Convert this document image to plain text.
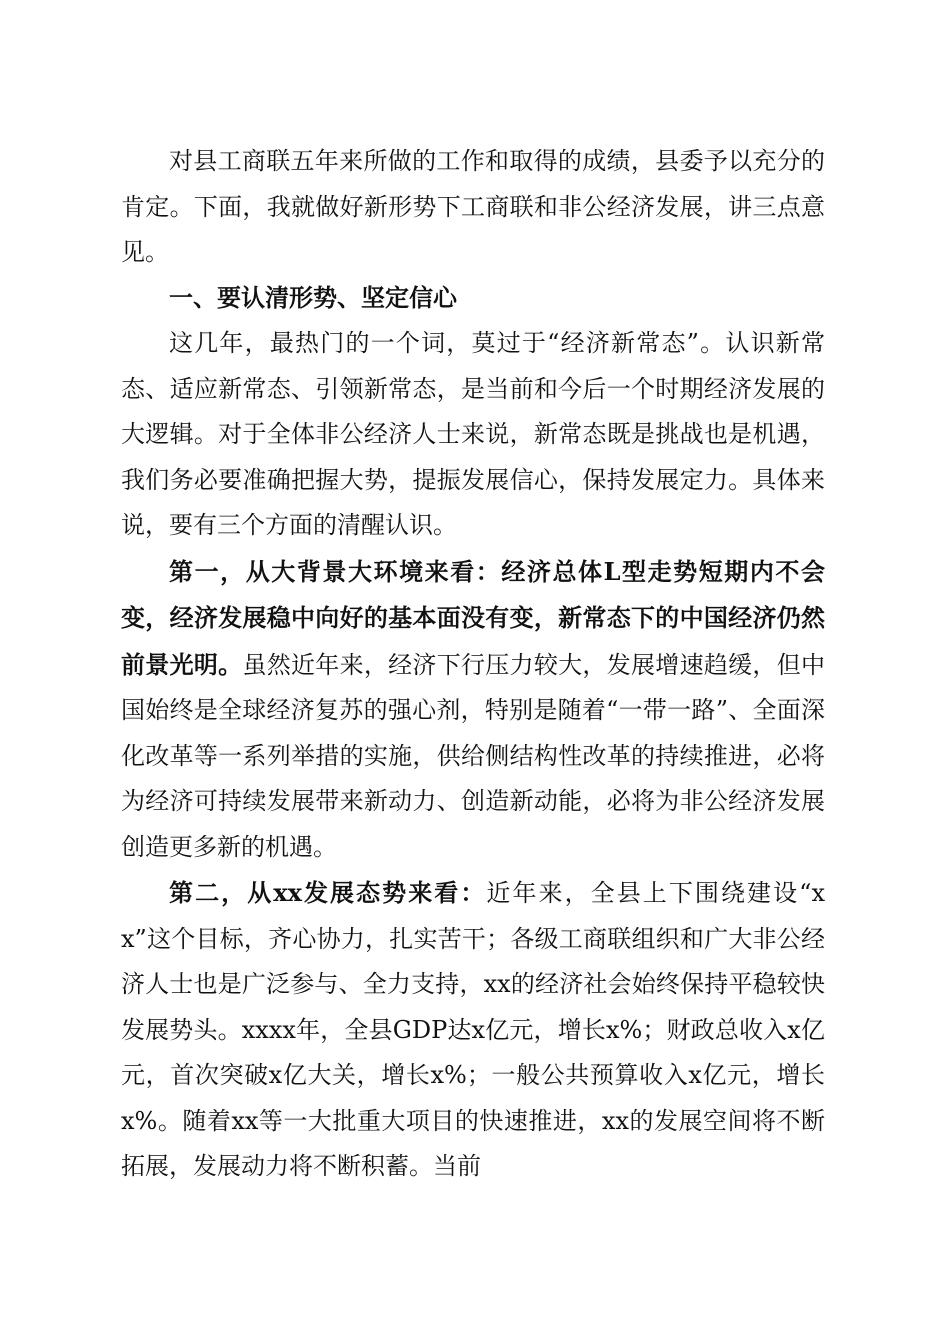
对县工商联五年来所做的工作和取得的成绩，县委予以充分的肯定。下面，我就做好新形势下工商联和非公经济发展，讲三点意见。

一、要认清形势、坚定信心

这几年，最热门的一个词，莫过于“经济新常态”。认识新常态、适应新常态、引领新常态，是当前和今后一个时期经济发展的大逻辑。对于全体非公经济人士来说，新常态既是挑战也是机遇，我们务必要准确把握大势，提振发展信心，保持发展定力。具体来说，要有三个方面的清醒认识。

第一，从大背景大环境来看：经济总体L型走势短期内不会变，经济发展稳中向好的基本面没有变，新常态下的中国经济仍然前景光明。虽然近年来，经济下行压力较大，发展增速趋缓，但中国始终是全球经济复苏的强心剂，特别是随着“一带一路”、全面深化改革等一系列举措的实施，供给侧结构性改革的持续推进，必将为经济可持续发展带来新动力、创造新动能，必将为非公经济发展创造更多新的机遇。

第二，从xx发展态势来看：近年来，全县上下围绕建设“xx”这个目标，齐心协力，扎实苦干；各级工商联组织和广大非公经济人士也是广泛参与、全力支持，xx的经济社会始终保持平稳较快发展势头。xxxx年，全县GDP达x亿元，增长x%；财政总收入x亿元，首次突破x亿大关，增长x%；一般公共预算收入x亿元，增长x%。随着xx等一大批重大项目的快速推进，xx的发展空间将不断拓展，发展动力将不断积蓄。当前
